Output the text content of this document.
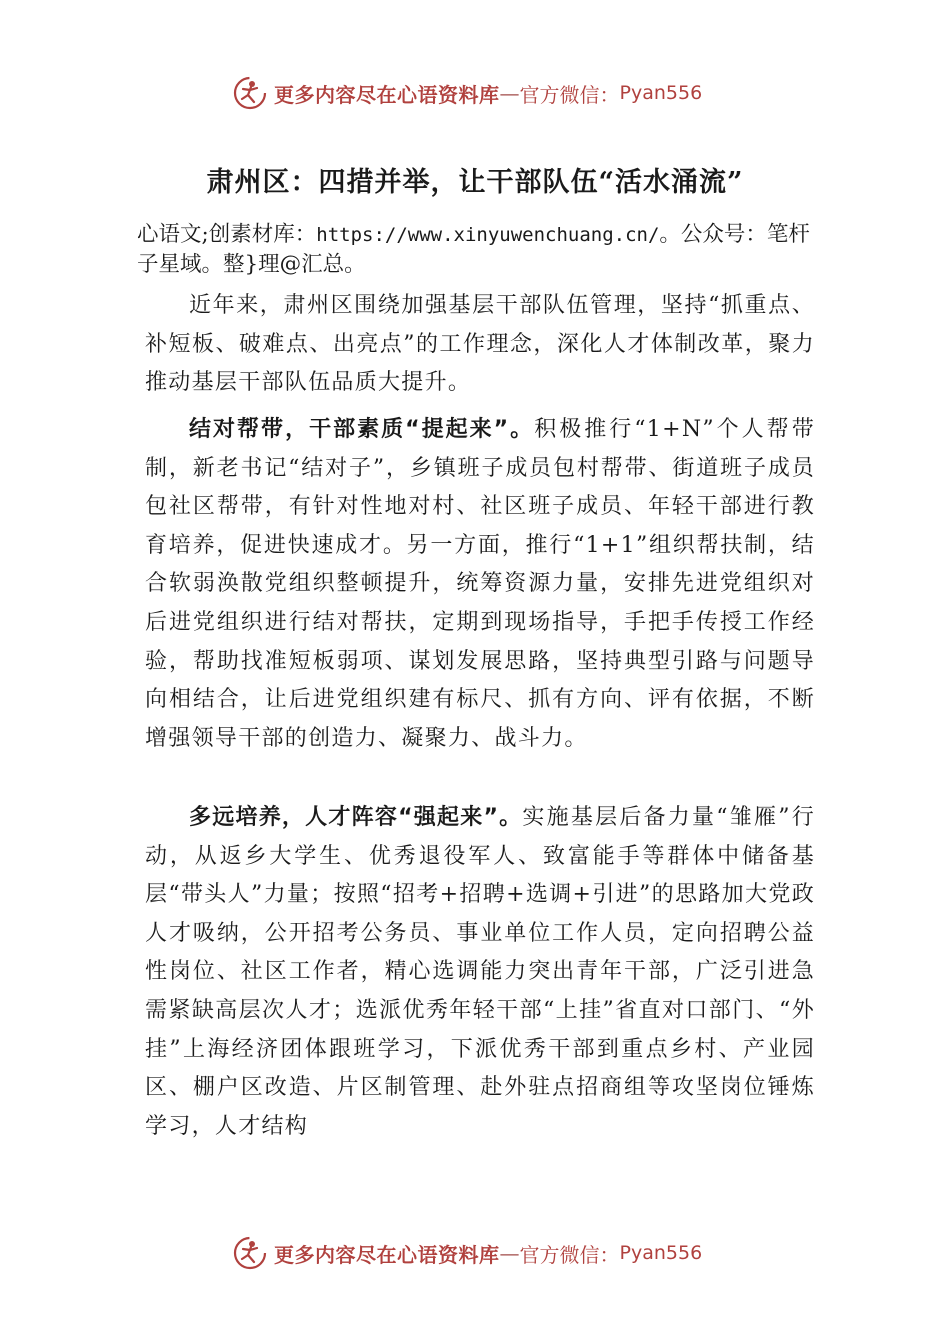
更多内容尽在心语资料库 — 官方微信： Pyan556
肃州区：四措并举，让干部队伍“活水涌流”

心语文;创素材库：https://www.xinyuwenchuang.cn/。公众号：笔杆子星域。整}理@汇总。

近年来，肃州区围绕加强基层干部队伍管理，坚持“抓重点、补短板、破难点、出亮点”的工作理念，深化人才体制改革，聚力推动基层干部队伍品质大提升。

结对帮带，干部素质“提起来”。积极推行“1+N”个人帮带制，新老书记“结对子”，乡镇班子成员包村帮带、街道班子成员包社区帮带，有针对性地对村、社区班子成员、年轻干部进行教育培养，促进快速成才。另一方面，推行“1+1”组织帮扶制，结合软弱涣散党组织整顿提升，统筹资源力量，安排先进党组织对后进党组织进行结对帮扶，定期到现场指导，手把手传授工作经验，帮助找准短板弱项、谋划发展思路，坚持典型引路与问题导向相结合，让后进党组织建有标尺、抓有方向、评有依据，不断增强领导干部的创造力、凝聚力、战斗力。

多远培养，人才阵容“强起来”。实施基层后备力量“雏雁”行动，从返乡大学生、优秀退役军人、致富能手等群体中储备基层“带头人”力量；按照“招考+招聘+选调+引进”的思路加大党政人才吸纳，公开招考公务员、事业单位工作人员，定向招聘公益性岗位、社区工作者，精心选调能力突出青年干部，广泛引进急需紧缺高层次人才；选派优秀年轻干部“上挂”省直对口部门、“外挂”上海经济团体跟班学习，下派优秀干部到重点乡村、产业园区、棚户区改造、片区制管理、赴外驻点招商组等攻坚岗位锤炼学习，人才结构

更多内容尽在心语资料库 — 官方微信： Pyan556
